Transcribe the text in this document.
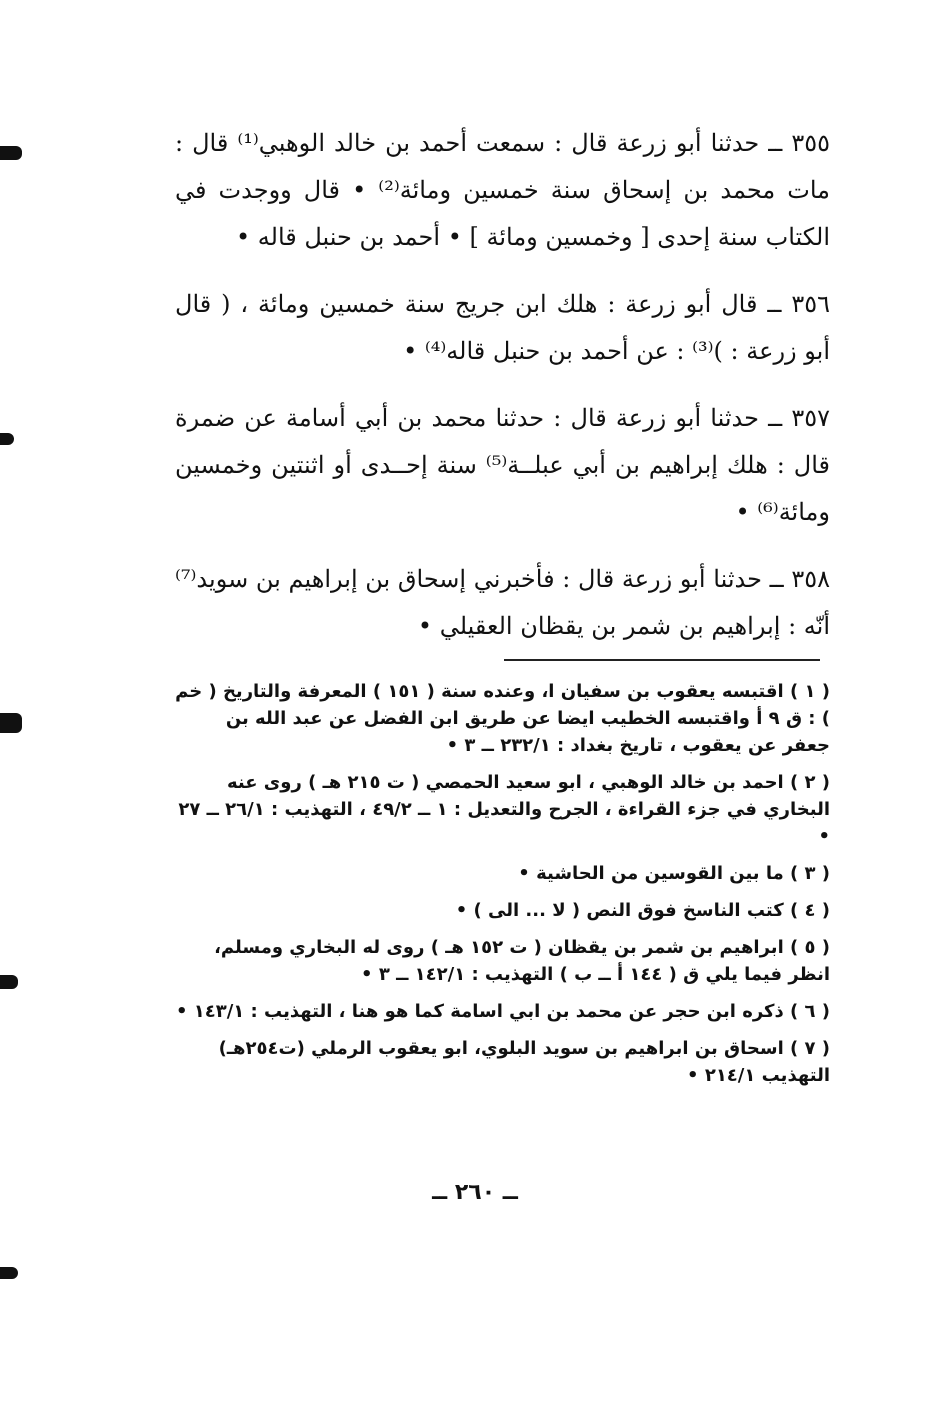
٣٥٥ ــ حدثنا أبو زرعة قال : سمعت أحمد بن خالد الوهبي⁽¹⁾ قال : مات محمد بن إسحاق سنة خمسين ومائة⁽²⁾ • قال ووجدت في الكتاب سنة إحدى [ وخمسين ومائة ] • أحمد بن حنبل قاله •

٣٥٦ ــ قال أبو زرعة : هلك ابن جريج سنة خمسين ومائة ، ( قال أبو زرعة : )⁽³⁾ : عن أحمد بن حنبل قاله⁽⁴⁾ •

٣٥٧ ــ حدثنا أبو زرعة قال : حدثنا محمد بن أبي أسامة عن ضمرة قال : هلك إبراهيم بن أبي عبلــة⁽⁵⁾ سنة إحــدى أو اثنتين وخمسين ومائة⁽⁶⁾ •

٣٥٨ ــ حدثنا أبو زرعة قال : فأخبرني إسحاق بن إبراهيم بن سويد⁽⁷⁾ أنّه : إبراهيم بن شمر بن يقظان العقيلي •

( ١ ) اقتبسه يعقوب بن سفيان ا، وعنده سنة ( ١٥١ ) المعرفة والتاريخ ( خم ) : ق ٩ أ واقتبسه الخطيب ايضا عن طريق ابن الفضل عن عبد الله بن جعفر عن يعقوب ، تاريخ بغداد : ٢٣٢/١ ــ ٣ •

( ٢ ) احمد بن خالد الوهبي ، ابو سعيد الحمصي ( ت ٢١٥ هـ ) روى عنه البخاري في جزء القراءة ، الجرح والتعديل : ١ ــ ٤٩/٢ ، التهذيب : ٢٦/١ ــ ٢٧ •

( ٣ ) ما بين القوسين من الحاشية •

( ٤ ) كتب الناسخ فوق النص ( لا ... الى ) •

( ٥ ) ابراهيم بن شمر بن يقظان ( ت ١٥٢ هـ ) روى له البخاري ومسلم، انظر فيما يلي ق ( ١٤٤ أ ــ ب ) التهذيب : ١٤٢/١ ــ ٣ •

( ٦ ) ذكره ابن حجر عن محمد بن ابي اسامة كما هو هنا ، التهذيب : ١٤٣/١ •

( ٧ ) اسحاق بن ابراهيم بن سويد البلوي، ابو يعقوب الرملي (ت٢٥٤هـ) التهذيب ٢١٤/١ •

ــ ٢٦٠ ــ
